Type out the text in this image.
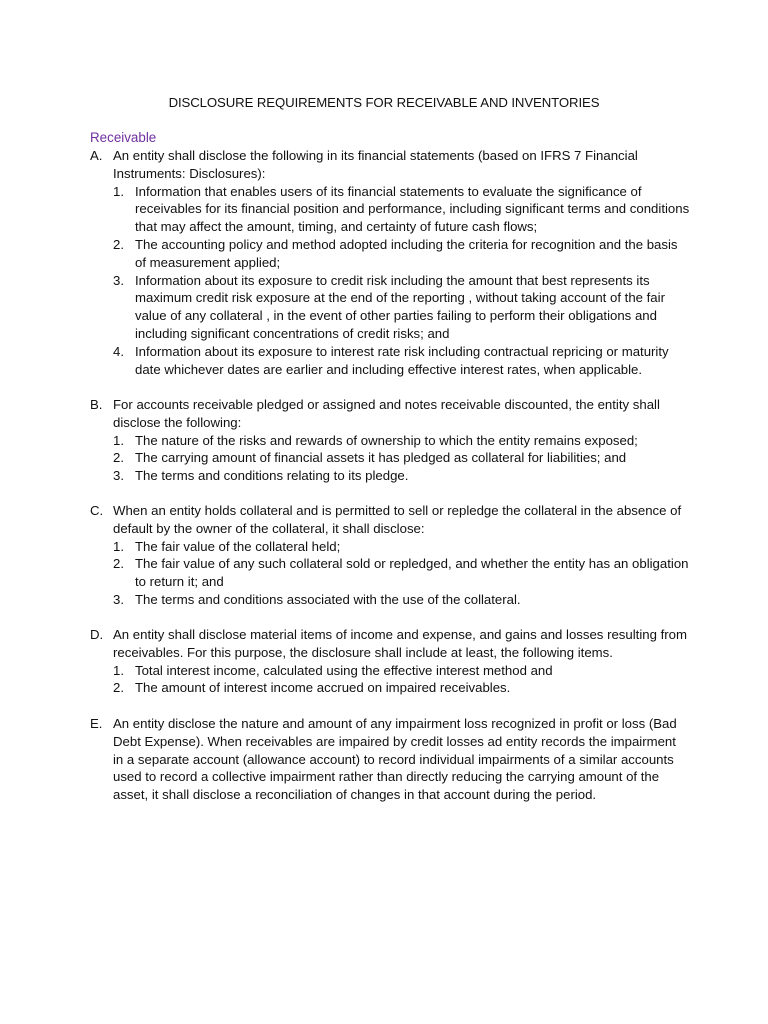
DISCLOSURE REQUIREMENTS FOR RECEIVABLE AND INVENTORIES
Receivable
A. An entity shall disclose the following in its financial statements (based on IFRS 7 Financial Instruments: Disclosures):
1. Information that enables users of its financial statements to evaluate the significance of receivables for its financial position and performance, including significant terms and conditions that may affect the amount, timing, and certainty of future cash flows;
2. The accounting policy and method adopted including the criteria for recognition and the basis of measurement applied;
3. Information about its exposure to credit risk including the amount that best represents its maximum credit risk exposure at the end of the reporting , without taking account of the fair value of any collateral , in the event of other parties failing to perform their obligations and including significant concentrations of credit risks; and
4. Information about its exposure to interest rate risk including contractual repricing or maturity date whichever dates are earlier and including effective interest rates, when applicable.
B. For accounts receivable pledged or assigned and notes receivable discounted, the entity shall disclose the following:
1. The nature of the risks and rewards of ownership to which the entity remains exposed;
2. The carrying amount of financial assets it has pledged as collateral for liabilities; and
3. The terms and conditions relating to its pledge.
C. When an entity holds collateral and is permitted to sell or repledge the collateral in the absence of default by the owner of the collateral, it shall disclose:
1. The fair value of the collateral held;
2. The fair value of any such collateral sold or repledged, and whether the entity has an obligation to return it; and
3. The terms and conditions associated with the use of the collateral.
D. An entity shall disclose material items of income and expense, and gains and losses resulting from receivables. For this purpose, the disclosure shall include at least, the following items.
1. Total interest income, calculated using the effective interest method and
2. The amount of interest income accrued on impaired receivables.
E. An entity disclose the nature and amount of any impairment loss recognized in profit or loss (Bad Debt Expense). When receivables are impaired by credit losses ad entity records the impairment in a separate account (allowance account) to record individual impairments of a similar accounts used to record a collective impairment rather than directly reducing the carrying amount of the asset, it shall disclose a reconciliation of changes in that account during the period.
